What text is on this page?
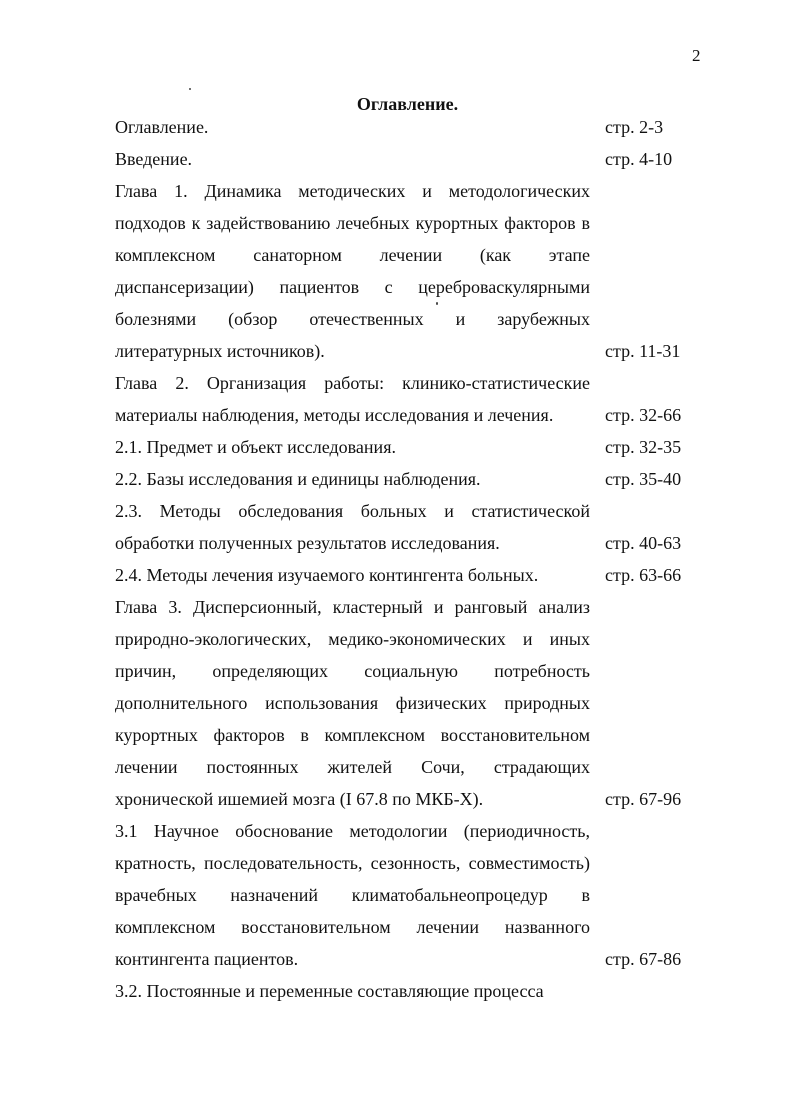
2
Оглавление.
Оглавление.	стр. 2-3
Введение.	стр. 4-10
Глава 1. Динамика методических и методологических подходов к задействованию лечебных курортных факторов в комплексном санаторном лечении (как этапе диспансеризации) пациентов с цереброваскулярными болезнями (обзор отечественных и зарубежных литературных источников).	стр. 11-31
Глава 2. Организация работы: клинико-статистические материалы наблюдения, методы исследования и лечения.	стр. 32-66
2.1. Предмет и объект исследования.	стр. 32-35
2.2. Базы исследования и единицы наблюдения.	стр. 35-40
2.3. Методы обследования больных и статистической обработки полученных результатов исследования.	стр. 40-63
2.4. Методы лечения изучаемого контингента больных.	стр. 63-66
Глава 3. Дисперсионный, кластерный и ранговый анализ природно-экологических, медико-экономических и иных причин, определяющих социальную потребность дополнительного использования физических природных курортных факторов в комплексном восстановительном лечении постоянных жителей Сочи, страдающих хронической ишемией мозга (I 67.8 по МКБ-Х).	стр. 67-96
3.1 Научное обоснование методологии (периодичность, кратность, последовательность, сезонность, совместимость) врачебных назначений климатобальнеопроцедур в комплексном восстановительном лечении названного контингента пациентов.	стр. 67-86
3.2. Постоянные и переменные составляющие процесса
